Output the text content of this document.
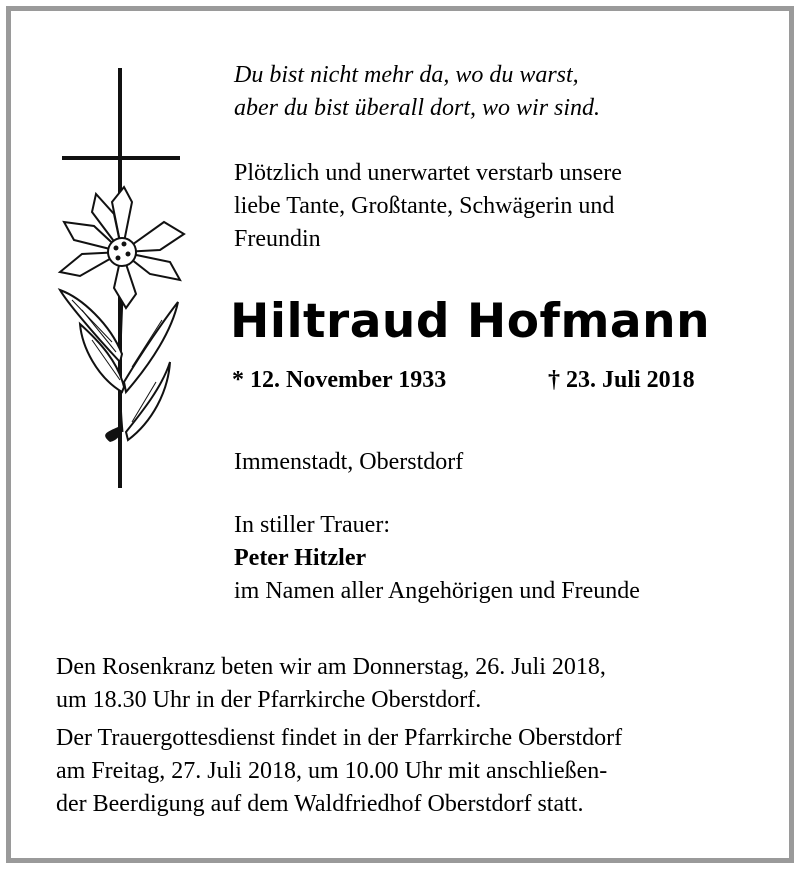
Du bist nicht mehr da, wo du warst,
aber du bist überall dort, wo wir sind.
Plötzlich und unerwartet verstarb unsere
liebe Tante, Großtante, Schwägerin und
Freundin
Hiltraud Hofmann
* 12. November 1933	† 23. Juli 2018
Immenstadt, Oberstdorf
In stiller Trauer:
Peter Hitzler
im Namen aller Angehörigen und Freunde
Den Rosenkranz beten wir am Donnerstag, 26. Juli 2018,
um 18.30 Uhr in der Pfarrkirche Oberstdorf.
Der Trauergottesdienst findet in der Pfarrkirche Oberstdorf
am Freitag, 27. Juli 2018, um 10.00 Uhr mit anschließen-
der Beerdigung auf dem Waldfriedhof Oberstdorf statt.
